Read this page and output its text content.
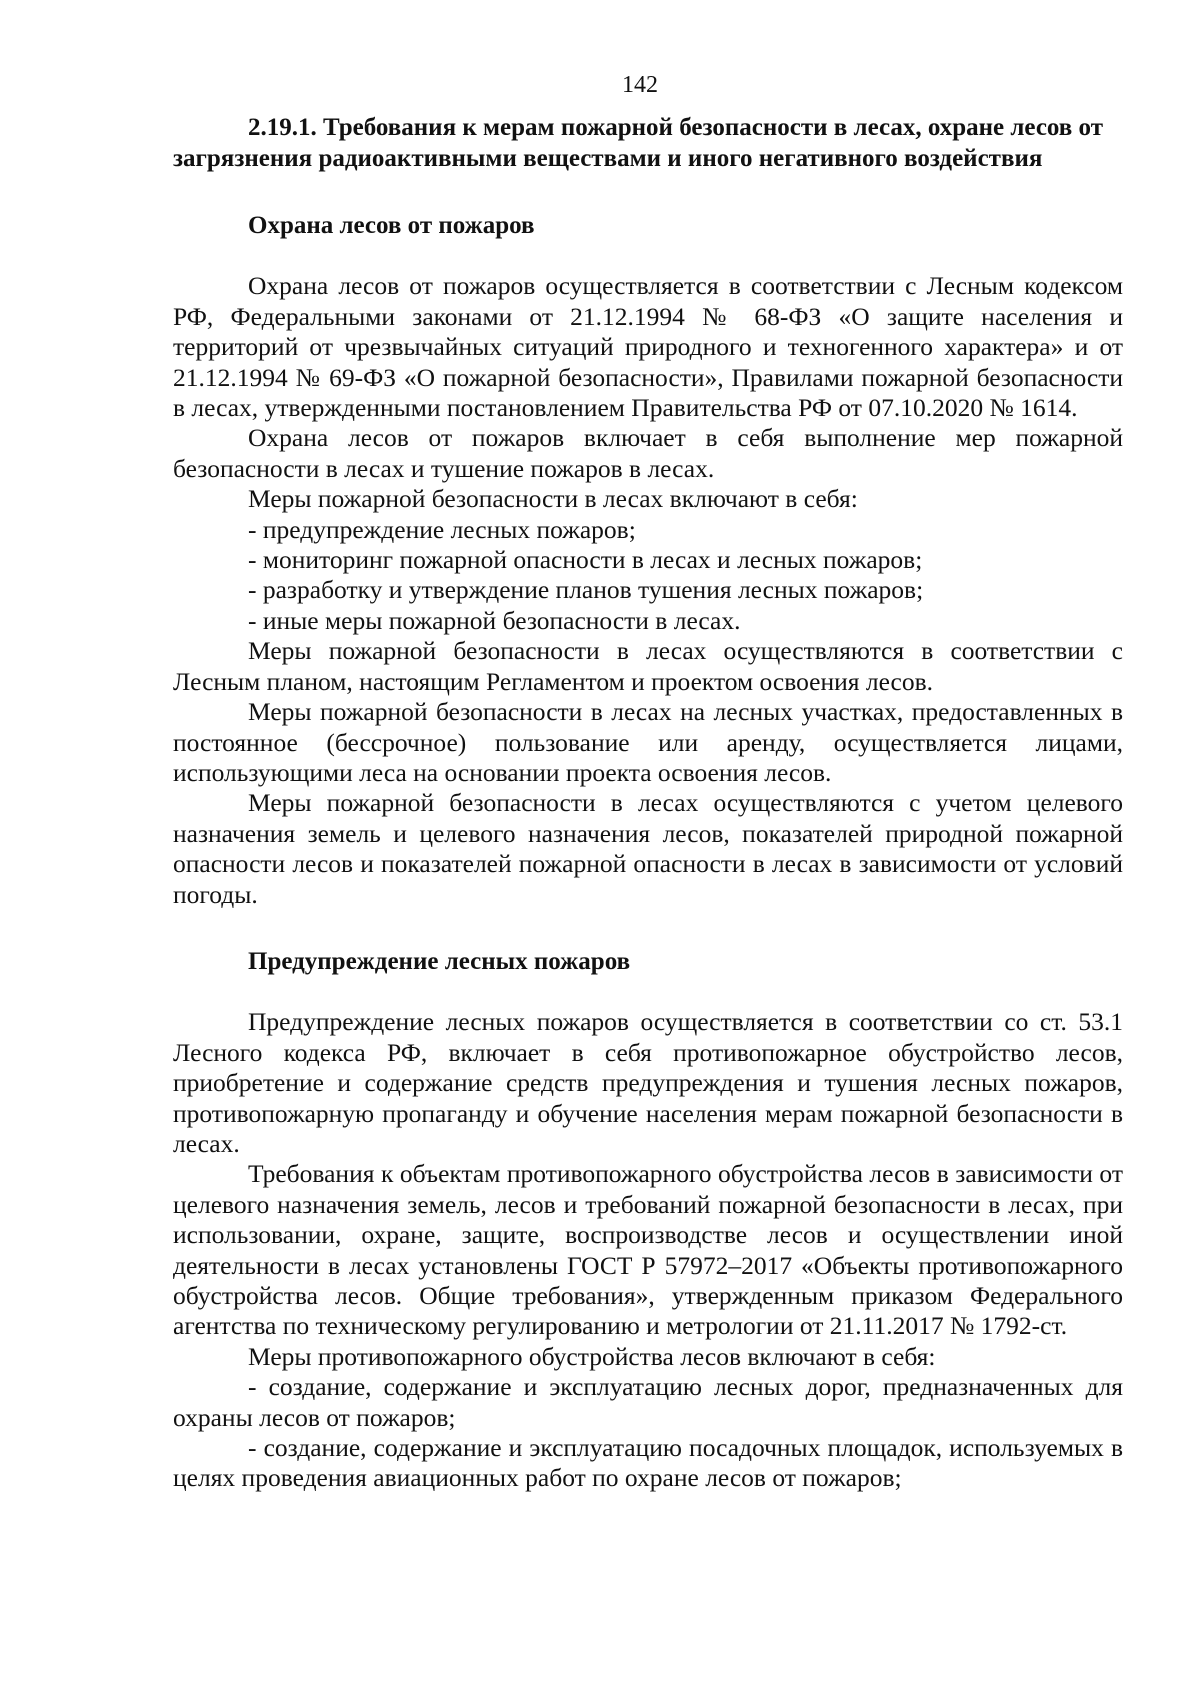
142

2.19.1. Требования к мерам пожарной безопасности в лесах, охране лесов от загрязнения радиоактивными веществами и иного негативного воздействия

Охрана лесов от пожаров

Охрана лесов от пожаров осуществляется в соответствии с Лесным кодексом РФ, Федеральными законами от 21.12.1994 № 68-ФЗ «О защите населения и территорий от чрезвычайных ситуаций природного и техногенного характера» и от 21.12.1994 № 69-ФЗ «О пожарной безопасности», Правилами пожарной безопасности в лесах, утвержденными постановлением Правительства РФ от 07.10.2020 № 1614.

Охрана лесов от пожаров включает в себя выполнение мер пожарной безопасности в лесах и тушение пожаров в лесах.

Меры пожарной безопасности в лесах включают в себя:

- предупреждение лесных пожаров;

- мониторинг пожарной опасности в лесах и лесных пожаров;

- разработку и утверждение планов тушения лесных пожаров;

- иные меры пожарной безопасности в лесах.

Меры пожарной безопасности в лесах осуществляются в соответствии с Лесным планом, настоящим Регламентом и проектом освоения лесов.

Меры пожарной безопасности в лесах на лесных участках, предоставленных в постоянное (бессрочное) пользование или аренду, осуществляется лицами, использующими леса на основании проекта освоения лесов.

Меры пожарной безопасности в лесах осуществляются с учетом целевого назначения земель и целевого назначения лесов, показателей природной пожарной опасности лесов и показателей пожарной опасности в лесах в зависимости от условий погоды.

Предупреждение лесных пожаров

Предупреждение лесных пожаров осуществляется в соответствии со ст. 53.1 Лесного кодекса РФ, включает в себя противопожарное обустройство лесов, приобретение и содержание средств предупреждения и тушения лесных пожаров, противопожарную пропаганду и обучение населения мерам пожарной безопасности в лесах.

Требования к объектам противопожарного обустройства лесов в зависимости от целевого назначения земель, лесов и требований пожарной безопасности в лесах, при использовании, охране, защите, воспроизводстве лесов и осуществлении иной деятельности в лесах установлены ГОСТ Р 57972–2017 «Объекты противопожарного обустройства лесов. Общие требования», утвержденным приказом Федерального агентства по техническому регулированию и метрологии от 21.11.2017 № 1792-ст.

Меры противопожарного обустройства лесов включают в себя:

- создание, содержание и эксплуатацию лесных дорог, предназначенных для охраны лесов от пожаров;

- создание, содержание и эксплуатацию посадочных площадок, используемых в целях проведения авиационных работ по охране лесов от пожаров;
